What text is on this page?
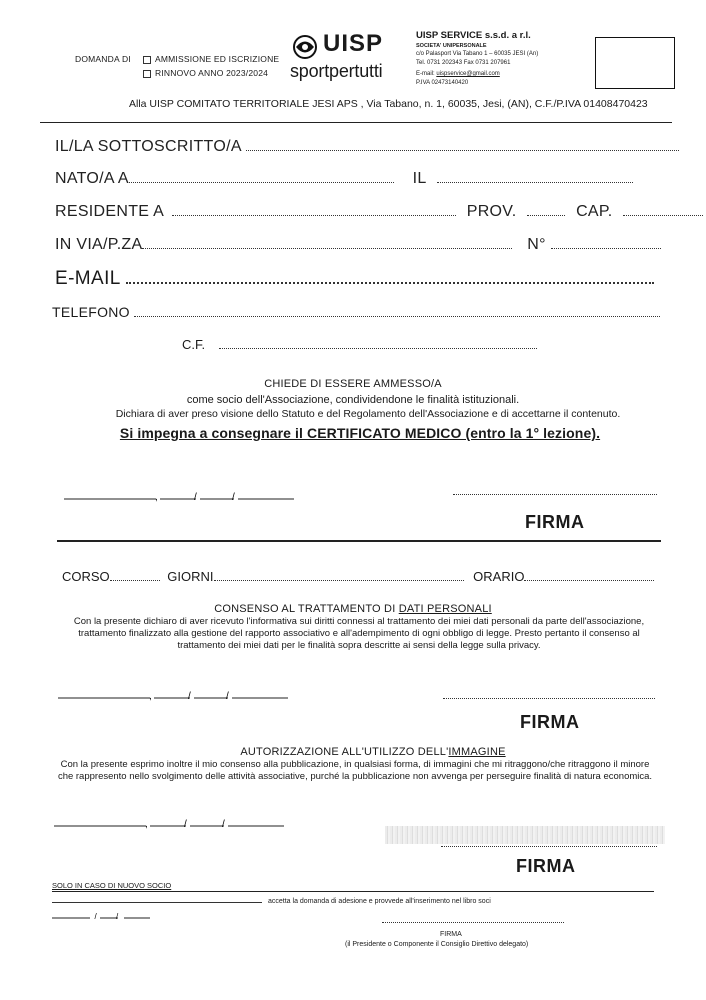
DOMANDA DI	AMMISSIONE ED ISCRIZIONE
RINNOVO ANNO 2023/2024
UISP
sportpertutti
UISP SERVICE s.s.d. a r.l.
SOCIETA' UNIPERSONALE
c/o Palasport Via Tabano 1 – 60035 JESI (An)
Tel. 0731 202343 Fax 0731 207961
E-mail: uispservice@gmail.com
P.IVA 02473140420
Alla UISP COMITATO TERRITORIALE JESI APS , Via Tabano, n. 1, 60035, Jesi, (AN), C.F./P.IVA 01408470423
IL/LA SOTTOSCRITTO/A
NATO/A A	IL
RESIDENTE A	PROV.	CAP.
IN VIA/P.ZA	N°
E-MAIL
TELEFONO
C.F.
CHIEDE DI ESSERE AMMESSO/A
come socio dell'Associazione, condividendone le finalità istituzionali.
Dichiara di aver preso visione dello Statuto e del Regolamento dell'Associazione e di accettarne il contenuto.
Si impegna a consegnare il CERTIFICATO MEDICO (entro la 1° lezione).
,	/	/
FIRMA
CORSO	GIORNI	ORARIO
CONSENSO AL TRATTAMENTO DI DATI PERSONALI
Con la presente dichiaro di aver ricevuto l'informativa sui diritti connessi al trattamento dei miei dati personali da parte dell'associazione, trattamento finalizzato alla gestione del rapporto associativo e all'adempimento di ogni obbligo di legge. Presto pertanto il consenso al trattamento dei miei dati per le finalità sopra descritte ai sensi della legge sulla privacy.
,	/	/
FIRMA
AUTORIZZAZIONE ALL'UTILIZZO DELL'IMMAGINE
Con la presente esprimo inoltre il mio consenso alla pubblicazione, in qualsiasi forma, di immagini che mi ritraggono/che ritraggono il minore che rappresento nello svolgimento delle attività associative, purché la pubblicazione non avvenga per perseguire finalità di natura economica.
,	/	/
FIRMA
SOLO IN CASO DI NUOVO SOCIO
accetta la domanda di adesione e provvede all'inserimento nel libro soci
_/ /
FIRMA
(il Presidente o Componente il Consiglio Direttivo delegato)
